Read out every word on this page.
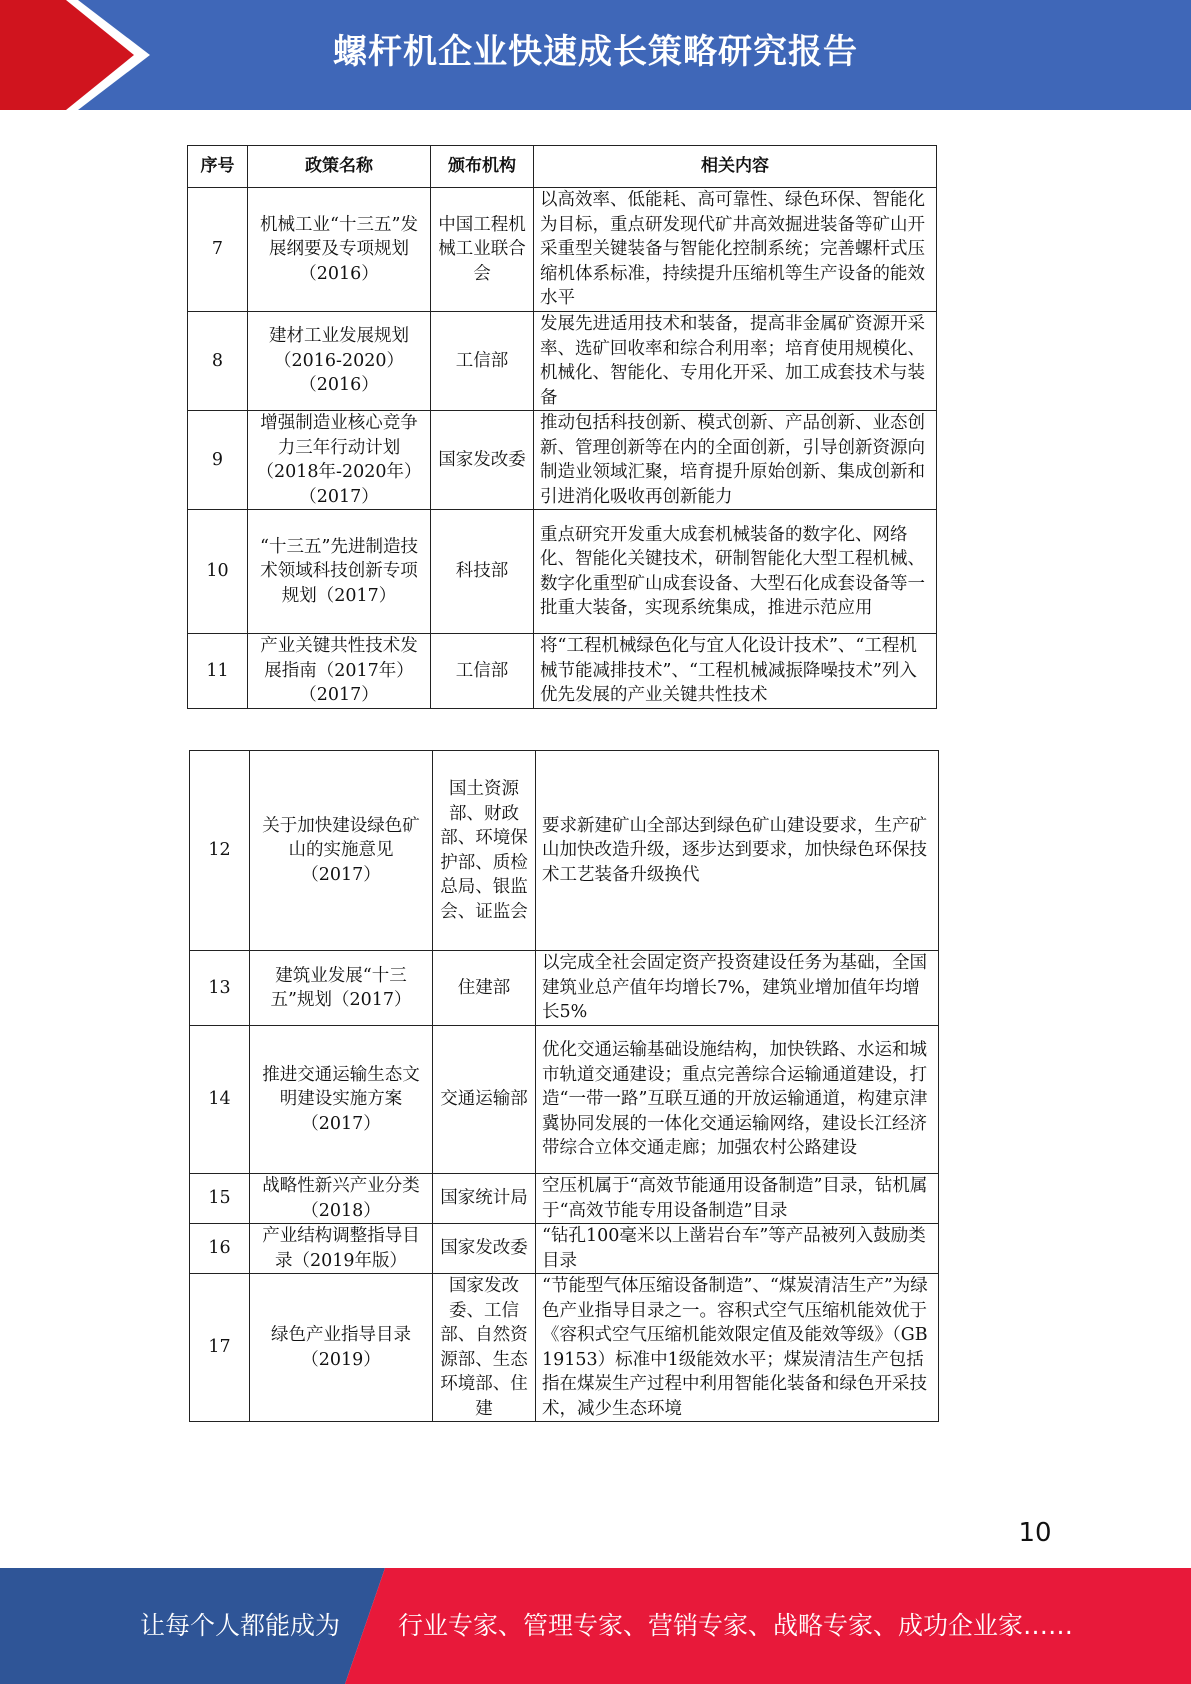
螺杆机企业快速成长策略研究报告
序号	政策名称	颁布机构	相关内容
7	机械工业“十三五”发展纲要及专项规划（2016）	中国工程机械工业联合会	以高效率、低能耗、高可靠性、绿色环保、智能化为目标，重点研发现代矿井高效掘进装备等矿山开采重型关键装备与智能化控制系统；完善螺杆式压缩机体系标准，持续提升压缩机等生产设备的能效水平
8	建材工业发展规划（2016-2020）（2016）	工信部	发展先进适用技术和装备，提高非金属矿资源开采率、选矿回收率和综合利用率；培育使用规模化、机械化、智能化、专用化开采、加工成套技术与装备
9	增强制造业核心竞争力三年行动计划（2018年-2020年）（2017）	国家发改委	推动包括科技创新、模式创新、产品创新、业态创新、管理创新等在内的全面创新，引导创新资源向制造业领域汇聚，培育提升原始创新、集成创新和引进消化吸收再创新能力
10	“十三五”先进制造技术领域科技创新专项规划（2017）	科技部	重点研究开发重大成套机械装备的数字化、网络化、智能化关键技术，研制智能化大型工程机械、数字化重型矿山成套设备、大型石化成套设备等一批重大装备，实现系统集成，推进示范应用
11	产业关键共性技术发展指南（2017年）（2017）	工信部	将“工程机械绿色化与宜人化设计技术”、“工程机械节能减排技术”、“工程机械减振降噪技术”列入优先发展的产业关键共性技术
12	关于加快建设绿色矿山的实施意见（2017）	国土资源部、财政部、环境保护部、质检总局、银监会、证监会	要求新建矿山全部达到绿色矿山建设要求，生产矿山加快改造升级，逐步达到要求，加快绿色环保技术工艺装备升级换代
13	建筑业发展“十三五”规划（2017）	住建部	以完成全社会固定资产投资建设任务为基础，全国建筑业总产值年均增长7%，建筑业增加值年均增长5%
14	推进交通运输生态文明建设实施方案（2017）	交通运输部	优化交通运输基础设施结构，加快铁路、水运和城市轨道交通建设；重点完善综合运输通道建设，打造“一带一路”互联互通的开放运输通道，构建京津冀协同发展的一体化交通运输网络，建设长江经济带综合立体交通走廊；加强农村公路建设
15	战略性新兴产业分类（2018）	国家统计局	空压机属于“高效节能通用设备制造”目录，钻机属于“高效节能专用设备制造”目录
16	产业结构调整指导目录（2019年版）	国家发改委	“钻孔100毫米以上凿岩台车”等产品被列入鼓励类目录
17	绿色产业指导目录（2019）	国家发改委、工信部、自然资源部、生态环境部、住建	“节能型气体压缩设备制造”、“煤炭清洁生产”为绿色产业指导目录之一。容积式空气压缩机能效优于《容积式空气压缩机能效限定值及能效等级》（GB 19153）标准中1级能效水平；煤炭清洁生产包括指在煤炭生产过程中利用智能化装备和绿色开采技术，减少生态环境
10
让每个人都能成为 行业专家、管理专家、营销专家、战略专家、成功企业家……
